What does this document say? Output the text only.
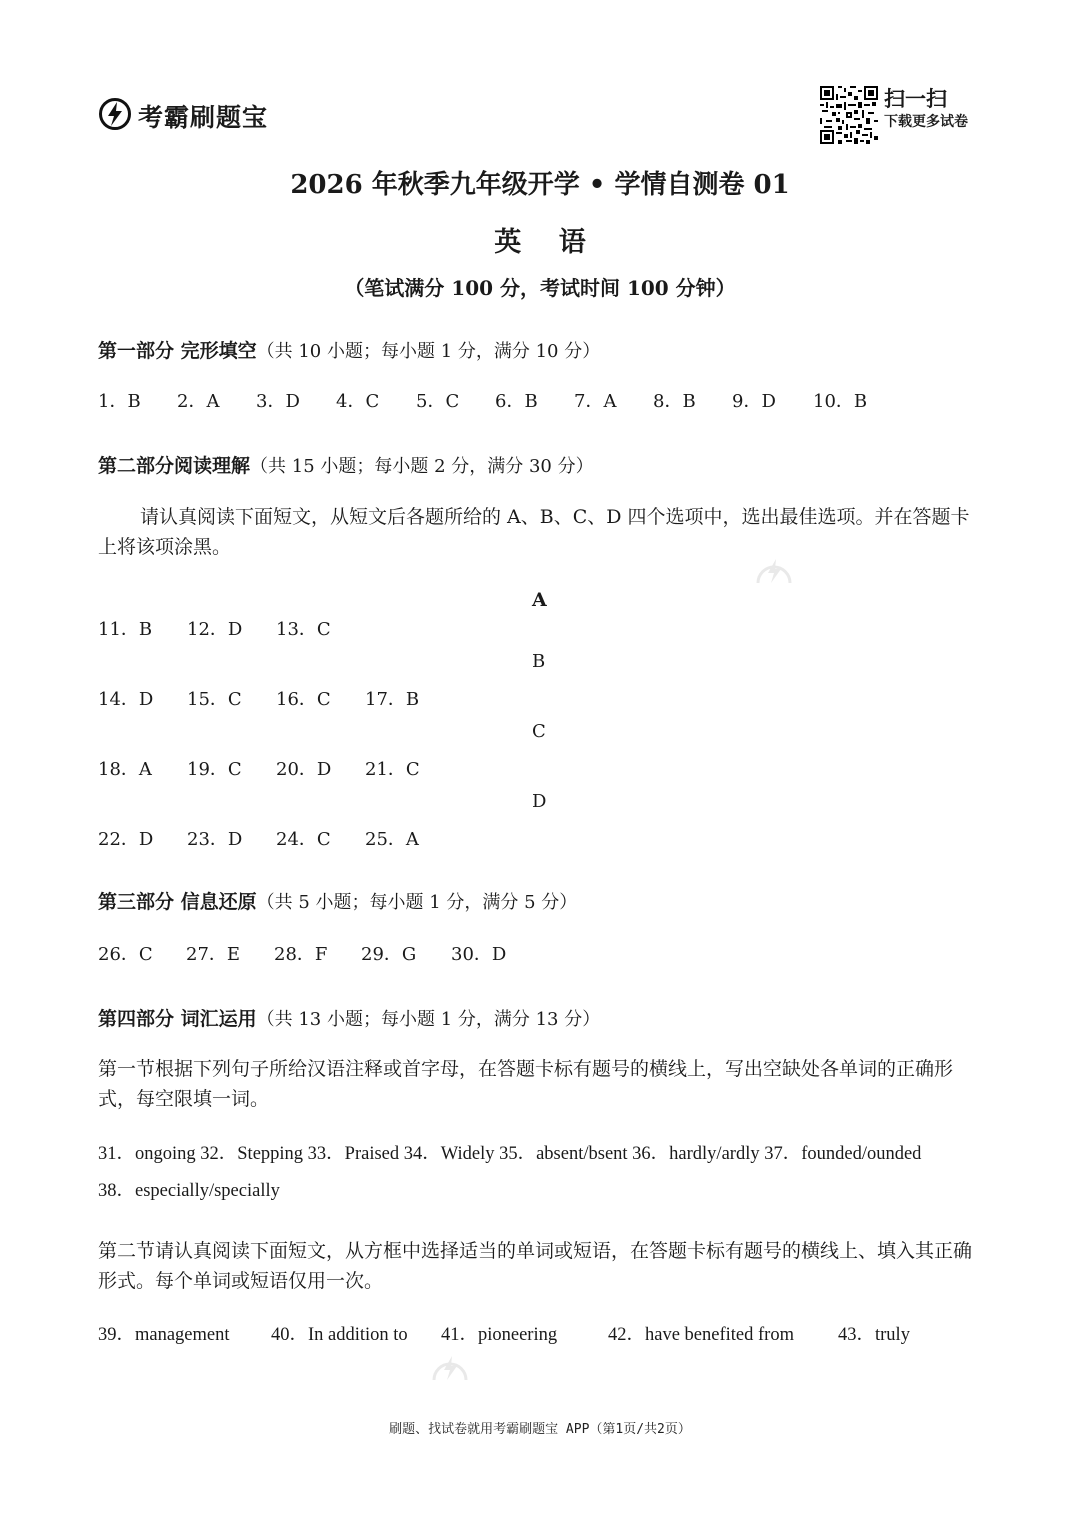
考霸刷题宝
扫一扫
下载更多试卷
2026 年秋季九年级开学 • 学情自测卷 01
英 语
（笔试满分 100 分，考试时间 100 分钟）
第一部分 完形填空（共 10 小题；每小题 1 分，满分 10 分）
1．B	2．A	3．D	4．C	5．C	6．B	7．A	8．B	9．D	10．B
第二部分阅读理解（共 15 小题；每小题 2 分，满分 30 分）
请认真阅读下面短文，从短文后各题所给的 A、B、C、D 四个选项中，选出最佳选项。并在答题卡上将该项涂黑。
A
11．B	12．D	13．C
B
14．D	15．C	16．C	17．B
C
18．A	19．C	20．D	21．C
D
22．D	23．D	24．C	25．A
第三部分 信息还原（共 5 小题；每小题 1 分，满分 5 分）
26．C	27．E	28．F	29．G	30．D
第四部分 词汇运用（共 13 小题；每小题 1 分，满分 13 分）
第一节根据下列句子所给汉语注释或首字母，在答题卡标有题号的横线上，写出空缺处各单词的正确形式，每空限填一词。
31．ongoing 32．Stepping 33．Praised 34．Widely 35．absent/bsent 36．hardly/ardly 37．founded/ounded
38．especially/specially
第二节请认真阅读下面短文，从方框中选择适当的单词或短语，在答题卡标有题号的横线上、填入其正确形式。每个单词或短语仅用一次。
39．management	40．In addition to	41．pioneering	42．have benefited from	43．truly
刷题、找试卷就用考霸刷题宝 APP（第1页/共2页）
